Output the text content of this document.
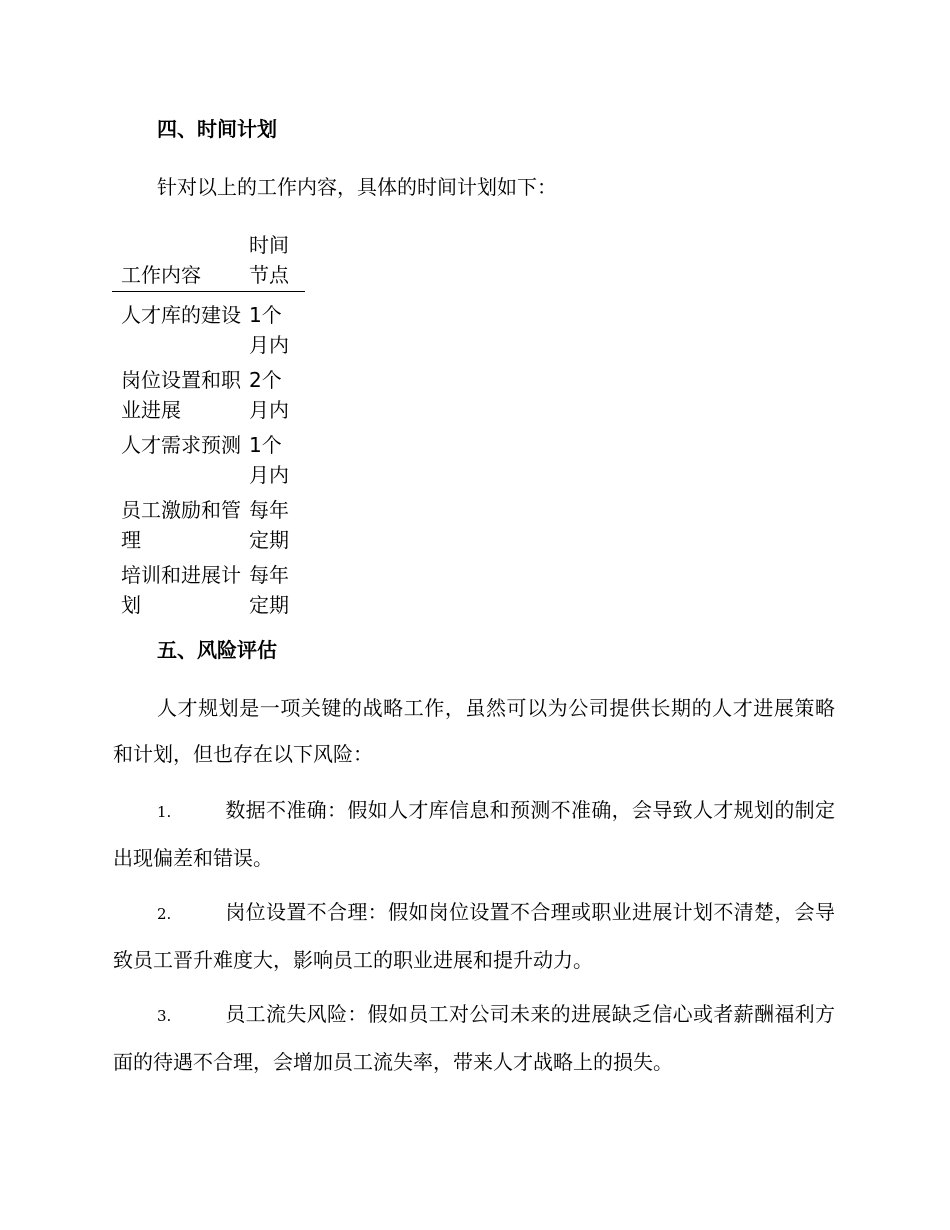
四、时间计划

针对以上的工作内容，具体的时间计划如下：

工作内容	时间节点

人才库的建设	1个月内

岗位设置和职业进展	2个月内

人才需求预测	1个月内

员工激励和管理	每年定期

培训和进展计划	每年定期
五、风险评估

人才规划是一项关键的战略工作，虽然可以为公司提供长期的人才进展策略和计划，但也存在以下风险：

1.	数据不准确：假如人才库信息和预测不准确，会导致人才规划的制定出现偏差和错误。

2.	岗位设置不合理：假如岗位设置不合理或职业进展计划不清楚，会导致员工晋升难度大，影响员工的职业进展和提升动力。

3.	员工流失风险：假如员工对公司未来的进展缺乏信心或者薪酬福利方面的待遇不合理，会增加员工流失率，带来人才战略上的损失。
